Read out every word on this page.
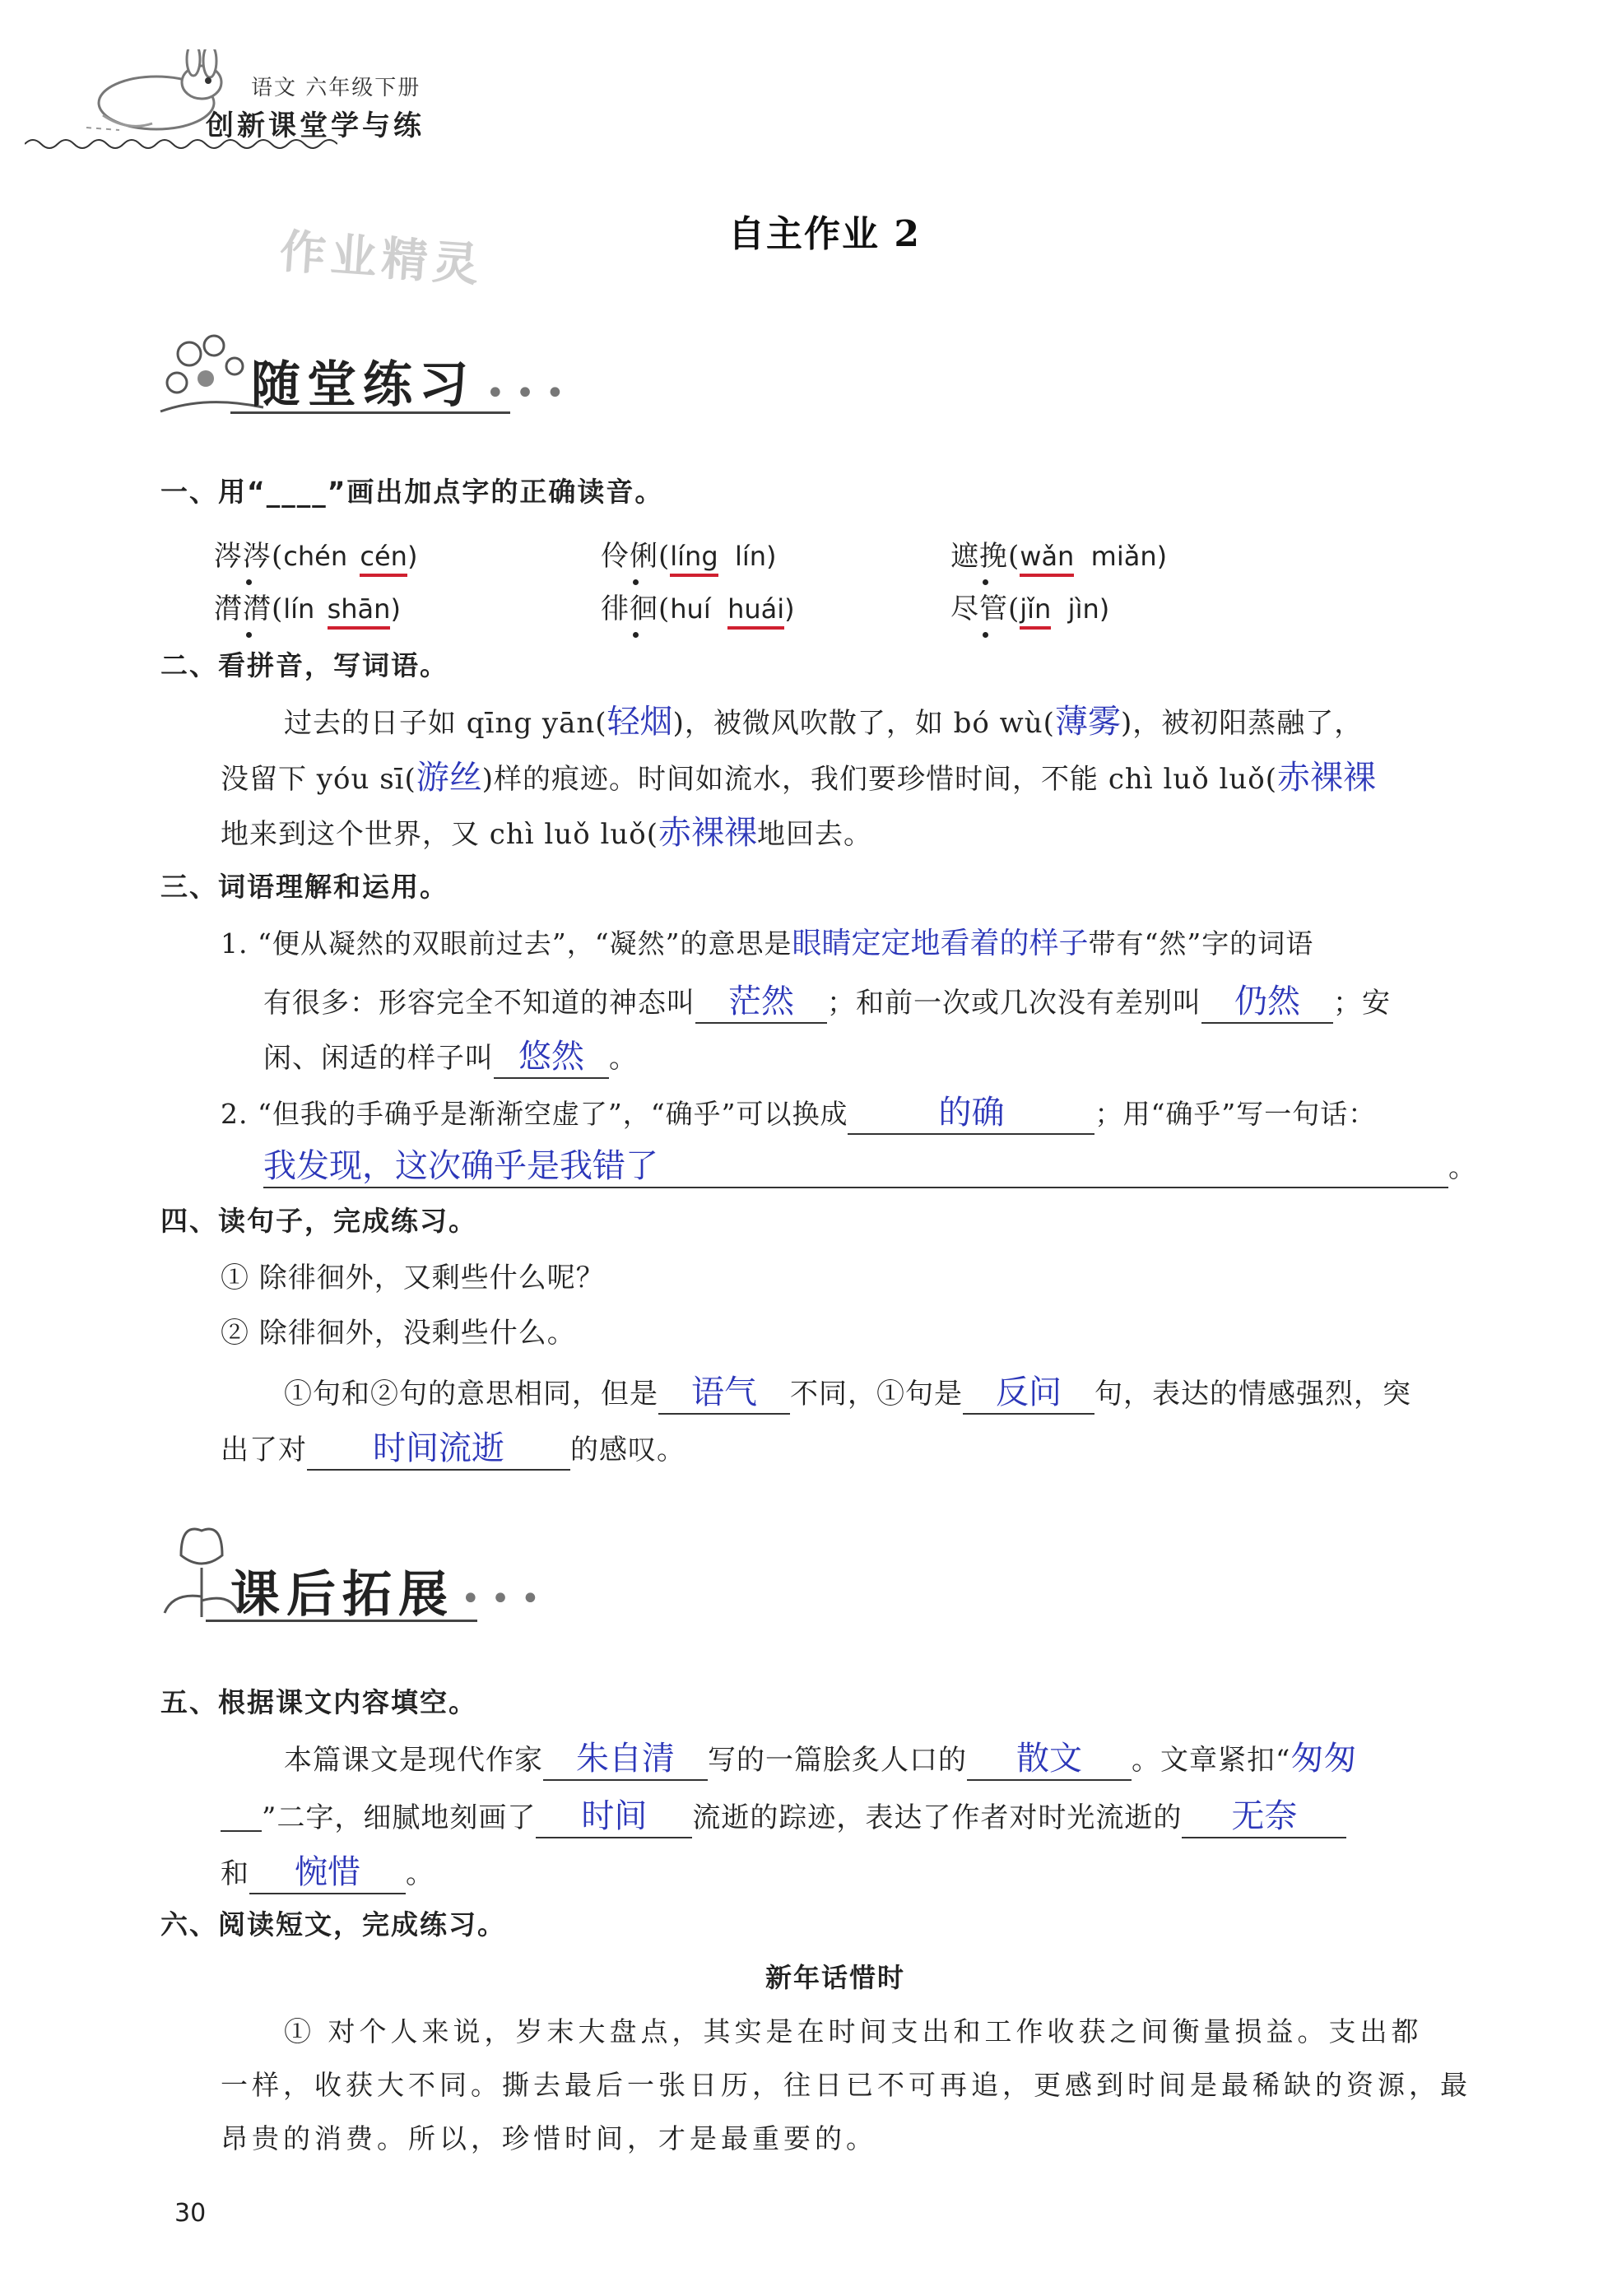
语文 六年级下册
创新课堂学与练
作业精灵	自主作业 2
随堂练习 • • •
一、用“____”画出加点字的正确读音。
涔涔(chén cén)	伶俐(líng lín)	遮挽(wǎn miǎn)
潸潸(lín shān)	徘徊(huí huái)	尽管(jǐn jìn)
二、看拼音，写词语。
过去的日子如 qīng yān(轻烟)，被微风吹散了，如 bó wù(薄雾)，被初阳蒸融了，
没留下 yóu sī(游丝)样的痕迹。时间如流水，我们要珍惜时间，不能 chì luǒ luǒ(赤裸裸
地来到这个世界，又 chì luǒ luǒ(赤裸裸地回去。
三、词语理解和运用。
1. “便从凝然的双眼前过去”，“凝然”的意思是眼睛定定地看着的样子带有“然”字的词语
有很多：形容完全不知道的神态叫 茫然 ；和前一次或几次没有差别叫 仍然 ；安
闲、闲适的样子叫 悠然 。
2. “但我的手确乎是渐渐空虚了”，“确乎”可以换成	的确	；用“确乎”写一句话：
我发现，这次确乎是我错了	。
四、读句子，完成练习。
① 除徘徊外，又剩些什么呢？
② 除徘徊外，没剩些什么。
①句和②句的意思相同，但是 语气 不同，①句是 反问 句，表达的情感强烈，突
出了对 时间流逝 的感叹。
课后拓展 • • •
五、根据课文内容填空。
本篇课文是现代作家 朱自清 写的一篇脍炙人口的 散文 。文章紧扣“匆匆
”二字，细腻地刻画了 时间 流逝的踪迹，表达了作者对时光流逝的 无奈
和 惋惜 。
六、阅读短文，完成练习。
新年话惜时
① 对个人来说，岁末大盘点，其实是在时间支出和工作收获之间衡量损益。支出都
一样，收获大不同。撕去最后一张日历，往日已不可再追，更感到时间是最稀缺的资源，最
昂贵的消费。所以，珍惜时间，才是最重要的。
30
